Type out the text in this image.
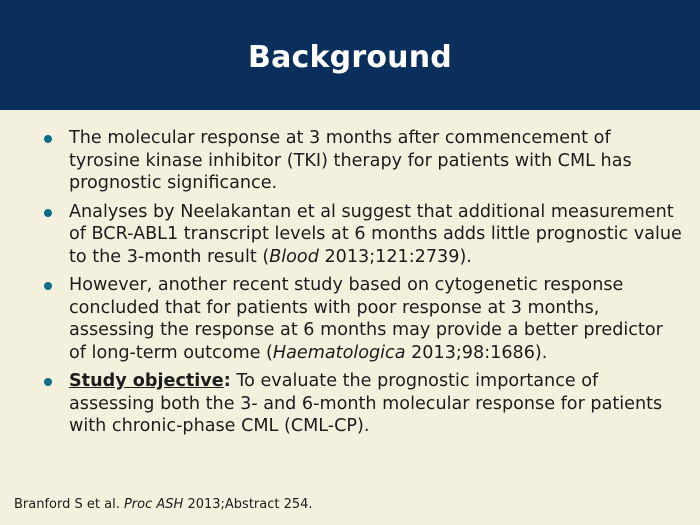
Background
The molecular response at 3 months after commencement of tyrosine kinase inhibitor (TKI) therapy for patients with CML has prognostic significance.
Analyses by Neelakantan et al suggest that additional measurement of BCR-ABL1 transcript levels at 6 months adds little prognostic value to the 3-month result (Blood 2013;121:2739).
However, another recent study based on cytogenetic response concluded that for patients with poor response at 3 months, assessing the response at 6 months may provide a better predictor of long-term outcome (Haematologica 2013;98:1686).
Study objective: To evaluate the prognostic importance of assessing both the 3- and 6-month molecular response for patients with chronic-phase CML (CML-CP).
Branford S et al. Proc ASH 2013;Abstract 254.
